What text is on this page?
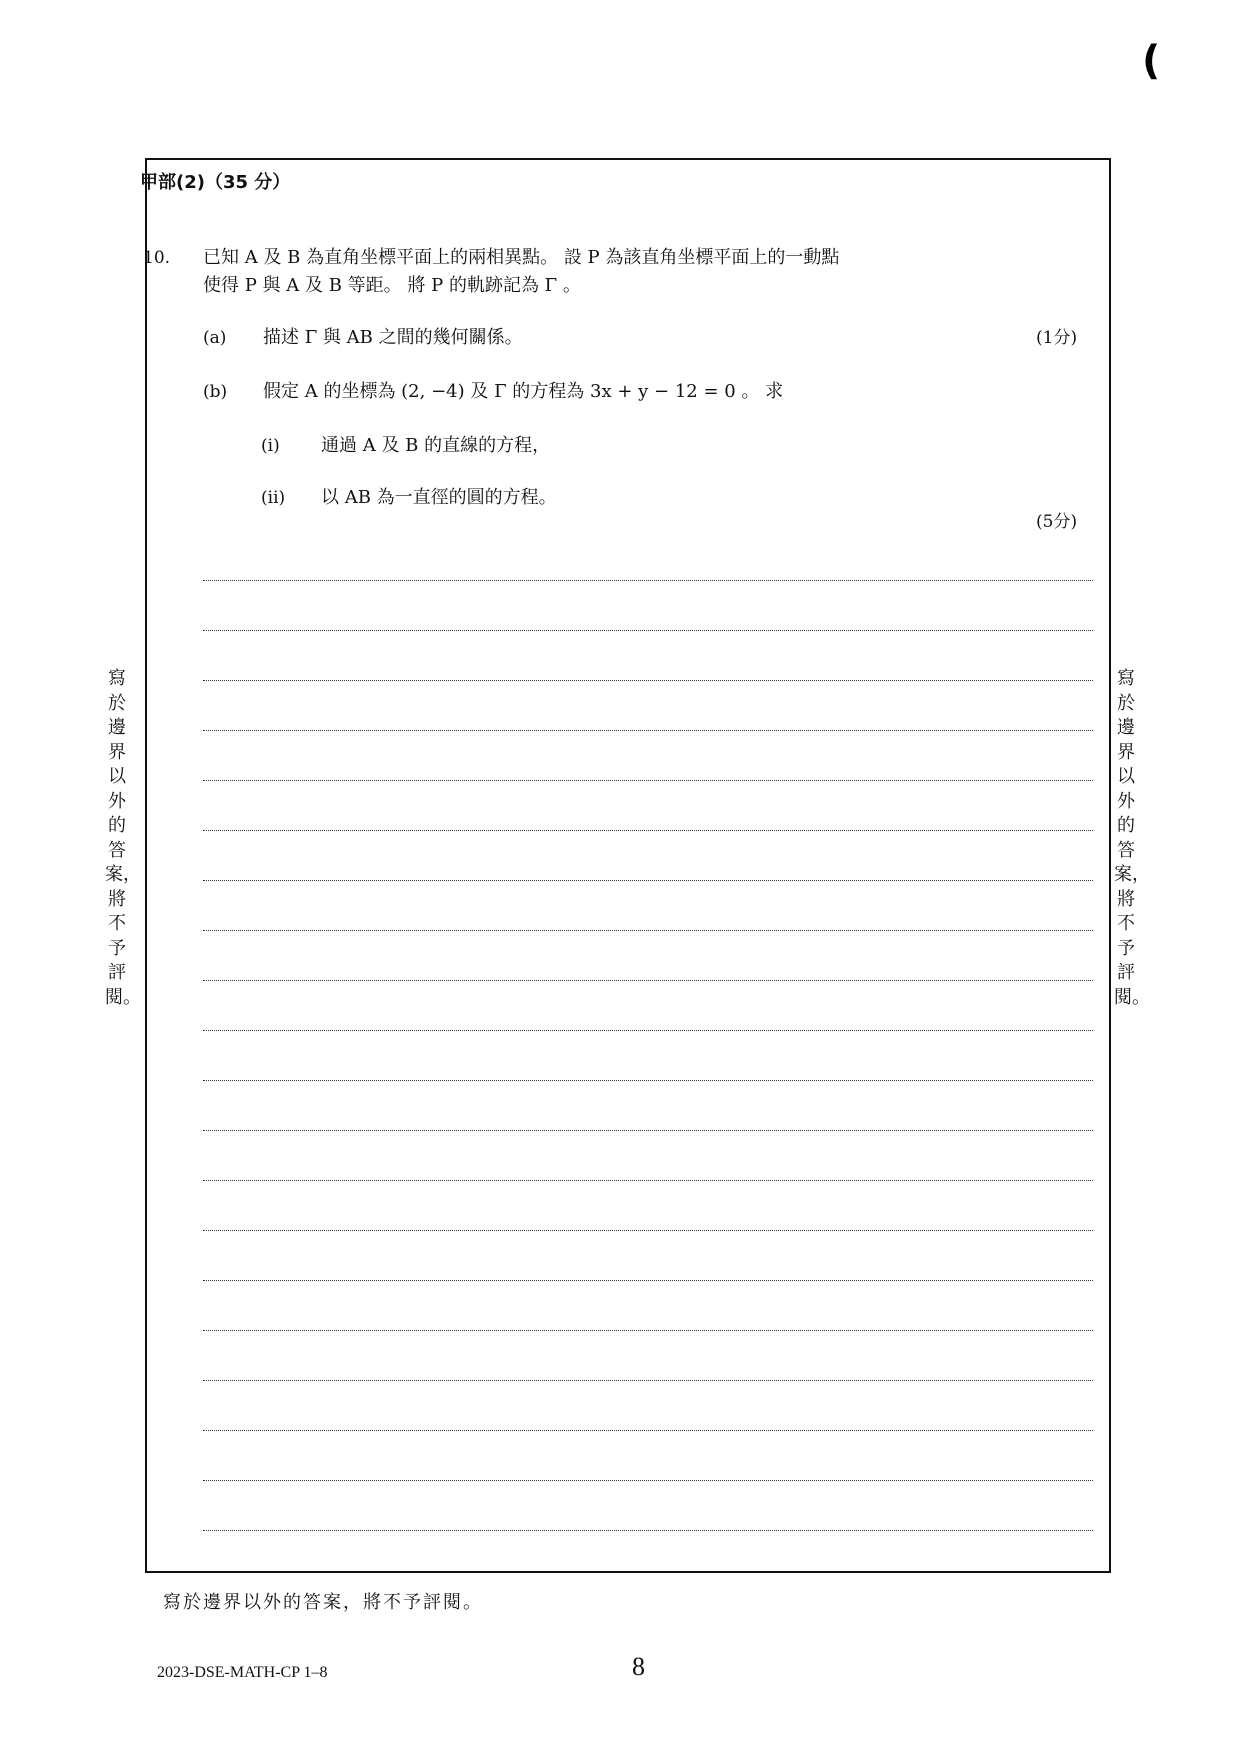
(
甲部(2)（35 分）
10. 已知 A 及 B 為直角坐標平面上的兩相異點。 設 P 為該直角坐標平面上的一動點
使得 P 與 A 及 B 等距。 將 P 的軌跡記為 Γ 。
(a) 描述 Γ 與 AB 之間的幾何關係。	(1分)
(b) 假定 A 的坐標為 (2, −4) 及 Γ 的方程為 3x + y − 12 = 0 。 求
(i) 通過 A 及 B 的直線的方程，
(ii) 以 AB 為一直徑的圓的方程。
(5分)
寫於邊界以外的答案，將不予評閱。
寫於邊界以外的答案，將不予評閱。
寫於邊界以外的答案，將不予評閱。
2023-DSE-MATH-CP 1–8	8
